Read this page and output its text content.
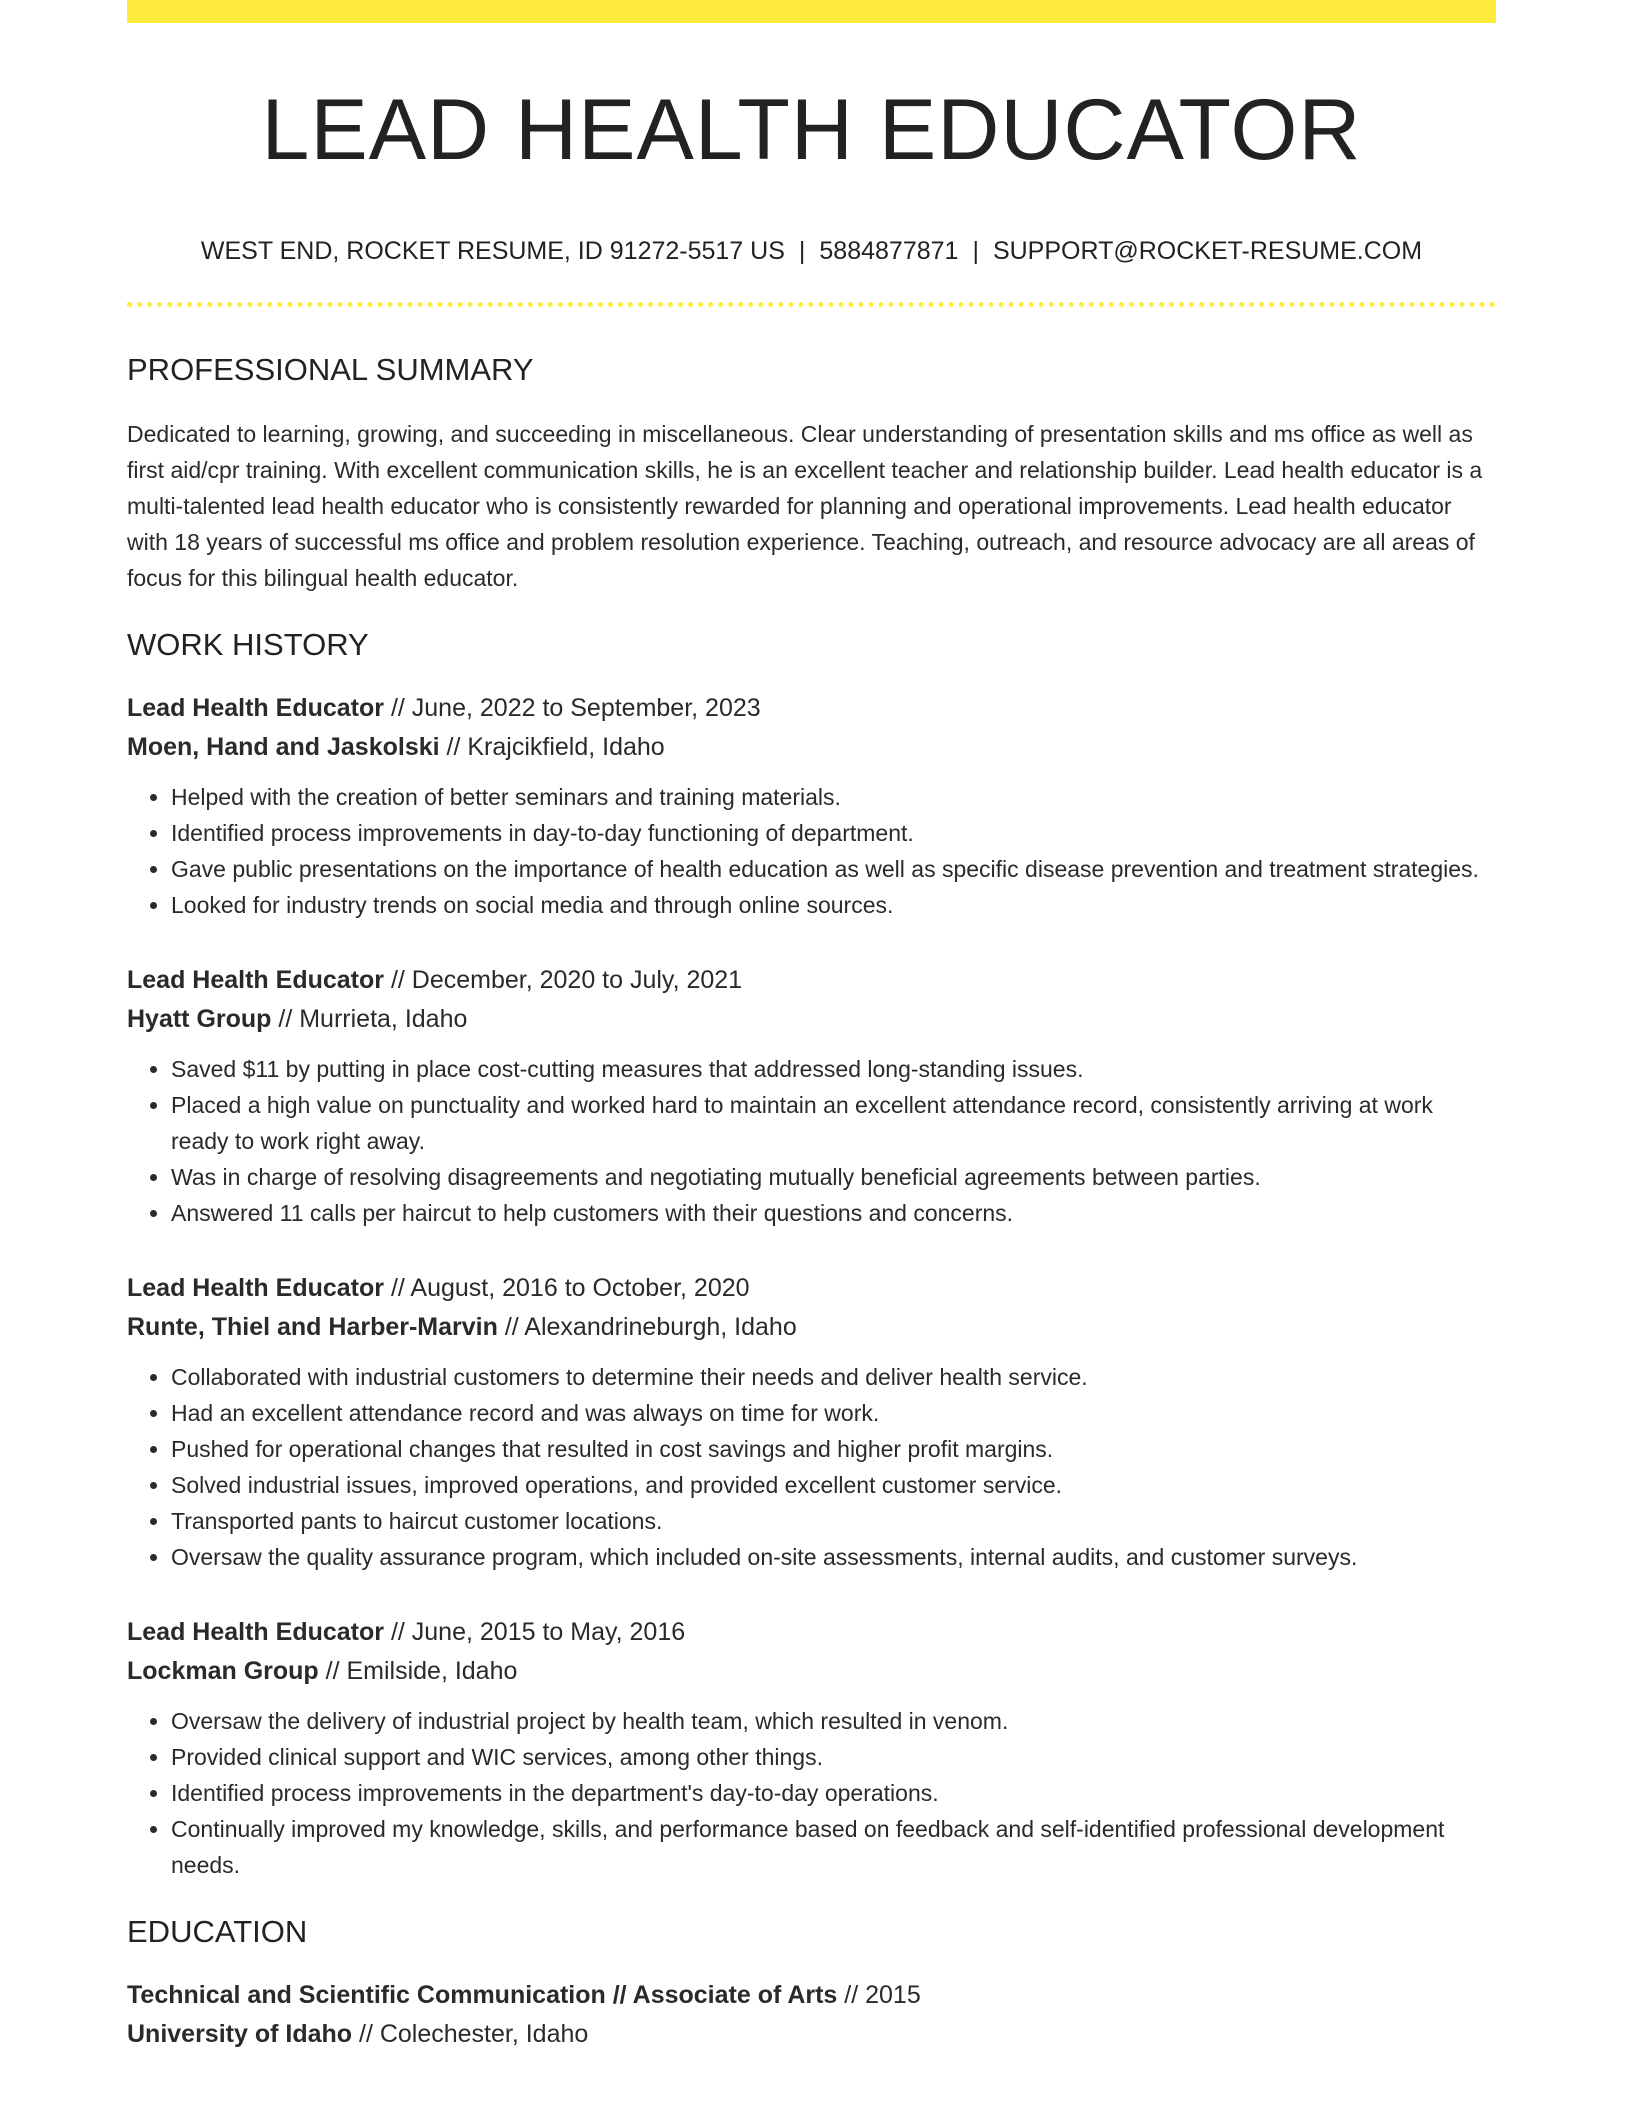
LEAD HEALTH EDUCATOR
WEST END, ROCKET RESUME, ID 91272-5517 US | 5884877871 | SUPPORT@ROCKET-RESUME.COM
PROFESSIONAL SUMMARY

Dedicated to learning, growing, and succeeding in miscellaneous. Clear understanding of presentation skills and ms office as well as first aid/cpr training. With excellent communication skills, he is an excellent teacher and relationship builder. Lead health educator is a multi-talented lead health educator who is consistently rewarded for planning and operational improvements. Lead health educator with 18 years of successful ms office and problem resolution experience. Teaching, outreach, and resource advocacy are all areas of focus for this bilingual health educator.

WORK HISTORY
Lead Health Educator // June, 2022 to September, 2023
Moen, Hand and Jaskolski // Krajcikfield, Idaho
• Helped with the creation of better seminars and training materials.
• Identified process improvements in day-to-day functioning of department.
• Gave public presentations on the importance of health education as well as specific disease prevention and treatment strategies.
• Looked for industry trends on social media and through online sources.
Lead Health Educator // December, 2020 to July, 2021
Hyatt Group // Murrieta, Idaho
• Saved $11 by putting in place cost-cutting measures that addressed long-standing issues.
• Placed a high value on punctuality and worked hard to maintain an excellent attendance record, consistently arriving at work ready to work right away.
• Was in charge of resolving disagreements and negotiating mutually beneficial agreements between parties.
• Answered 11 calls per haircut to help customers with their questions and concerns.
Lead Health Educator // August, 2016 to October, 2020
Runte, Thiel and Harber-Marvin // Alexandrineburgh, Idaho
• Collaborated with industrial customers to determine their needs and deliver health service.
• Had an excellent attendance record and was always on time for work.
• Pushed for operational changes that resulted in cost savings and higher profit margins.
• Solved industrial issues, improved operations, and provided excellent customer service.
• Transported pants to haircut customer locations.
• Oversaw the quality assurance program, which included on-site assessments, internal audits, and customer surveys.
Lead Health Educator // June, 2015 to May, 2016
Lockman Group // Emilside, Idaho
• Oversaw the delivery of industrial project by health team, which resulted in venom.
• Provided clinical support and WIC services, among other things.
• Identified process improvements in the department's day-to-day operations.
• Continually improved my knowledge, skills, and performance based on feedback and self-identified professional development needs.
EDUCATION
Technical and Scientific Communication // Associate of Arts // 2015
University of Idaho // Colechester, Idaho
